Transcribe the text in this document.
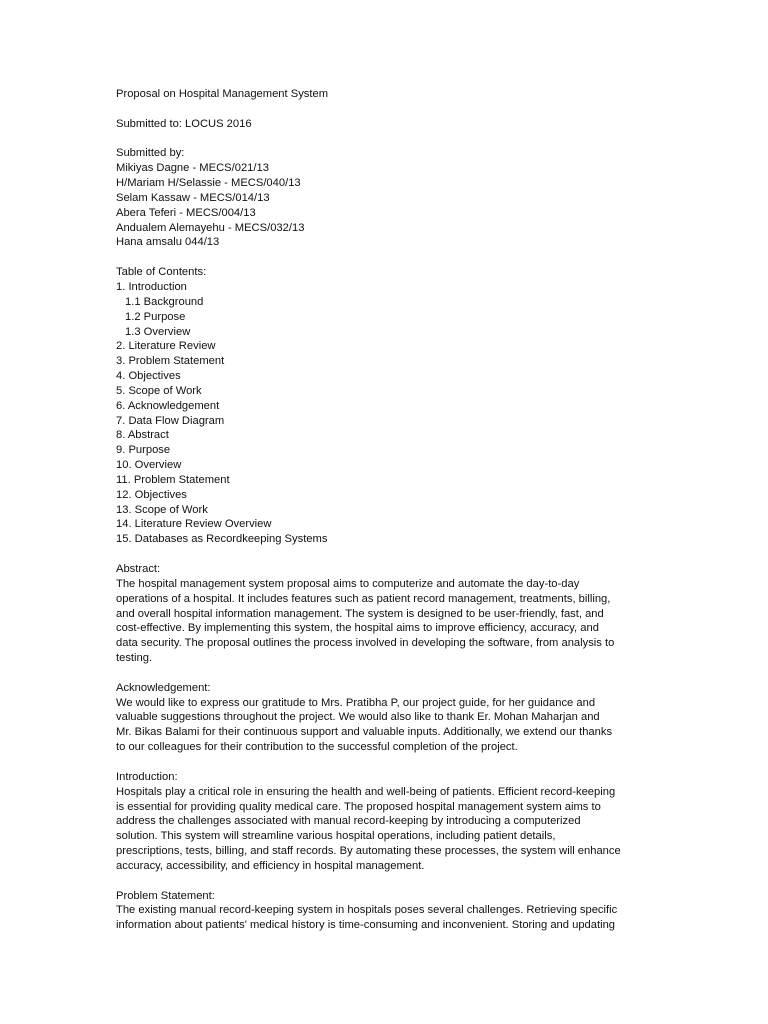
Proposal on Hospital Management System
Submitted to: LOCUS 2016
Submitted by:
Mikiyas Dagne - MECS/021/13
H/Mariam H/Selassie - MECS/040/13
Selam Kassaw - MECS/014/13
Abera Teferi - MECS/004/13
Andualem Alemayehu - MECS/032/13
Hana amsalu 044/13
Table of Contents:
1. Introduction
1.1 Background
1.2 Purpose
1.3 Overview
2. Literature Review
3. Problem Statement
4. Objectives
5. Scope of Work
6. Acknowledgement
7. Data Flow Diagram
8. Abstract
9. Purpose
10. Overview
11. Problem Statement
12. Objectives
13. Scope of Work
14. Literature Review Overview
15. Databases as Recordkeeping Systems
Abstract:
The hospital management system proposal aims to computerize and automate the day-to-day
operations of a hospital. It includes features such as patient record management, treatments, billing,
and overall hospital information management. The system is designed to be user-friendly, fast, and
cost-effective. By implementing this system, the hospital aims to improve efficiency, accuracy, and
data security. The proposal outlines the process involved in developing the software, from analysis to
testing.
Acknowledgement:
We would like to express our gratitude to Mrs. Pratibha P, our project guide, for her guidance and
valuable suggestions throughout the project. We would also like to thank Er. Mohan Maharjan and
Mr. Bikas Balami for their continuous support and valuable inputs. Additionally, we extend our thanks
to our colleagues for their contribution to the successful completion of the project.
Introduction:
Hospitals play a critical role in ensuring the health and well-being of patients. Efficient record-keeping
is essential for providing quality medical care. The proposed hospital management system aims to
address the challenges associated with manual record-keeping by introducing a computerized
solution. This system will streamline various hospital operations, including patient details,
prescriptions, tests, billing, and staff records. By automating these processes, the system will enhance
accuracy, accessibility, and efficiency in hospital management.
Problem Statement:
The existing manual record-keeping system in hospitals poses several challenges. Retrieving specific
information about patients' medical history is time-consuming and inconvenient. Storing and updating
